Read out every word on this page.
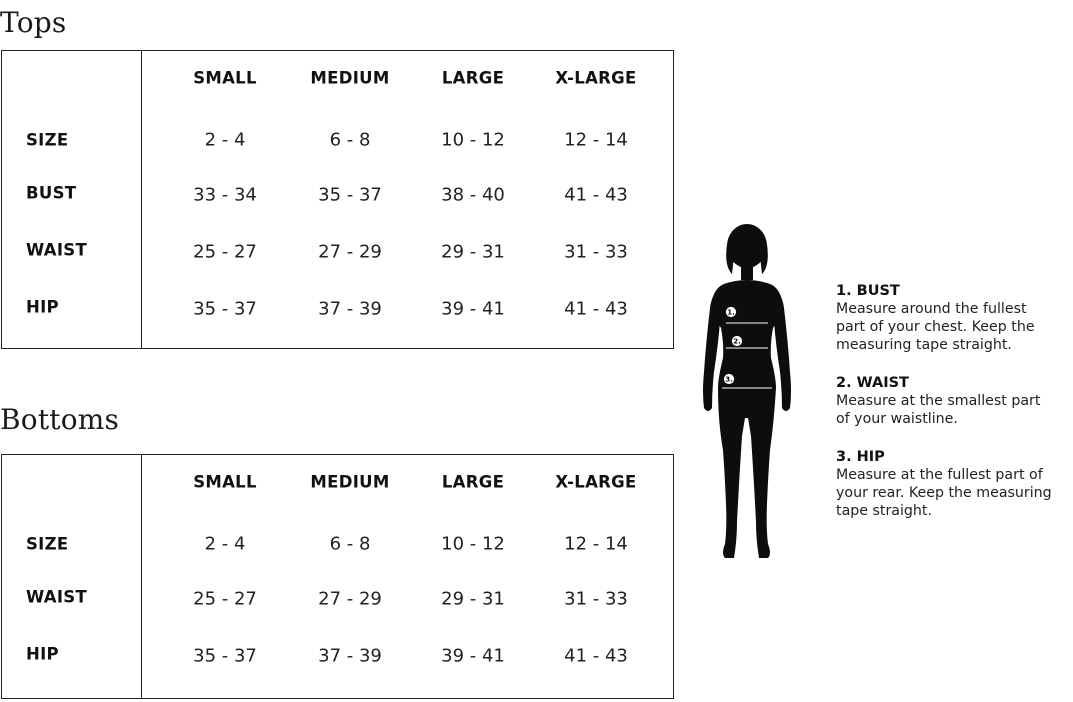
Tops
SMALL	MEDIUM	LARGE	X-LARGE
SIZE	2 - 4	6 - 8	10 - 12	12 - 14
BUST	33 - 34	35 - 37	38 - 40	41 - 43
WAIST	25 - 27	27 - 29	29 - 31	31 - 33
HIP	35 - 37	37 - 39	39 - 41	41 - 43
Bottoms
SMALL	MEDIUM	LARGE	X-LARGE
SIZE	2 - 4	6 - 8	10 - 12	12 - 14
WAIST	25 - 27	27 - 29	29 - 31	31 - 33
HIP	35 - 37	37 - 39	39 - 41	41 - 43
1.
2.
3.
1. BUST
Measure around the fullest
part of your chest. Keep the
measuring tape straight.
2. WAIST
Measure at the smallest part
of your waistline.
3. HIP
Measure at the fullest part of
your rear. Keep the measuring
tape straight.
